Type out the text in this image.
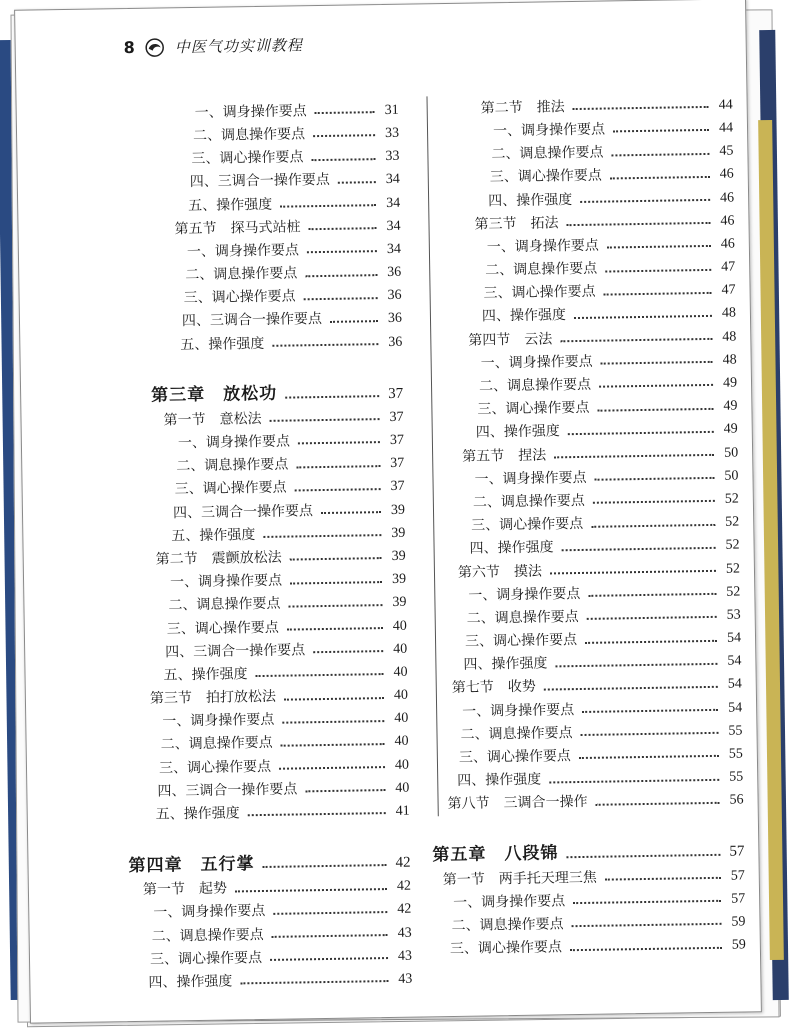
8	中医气功实训教程
一、调身操作要点	31
二、调息操作要点	33
三、调心操作要点	33
四、三调合一操作要点	34
五、操作强度	34
第五节　探马式站桩	34
一、调身操作要点	34
二、调息操作要点	36
三、调心操作要点	36
四、三调合一操作要点	36
五、操作强度	36
第三章　放松功	37
第一节　意松法	37
一、调身操作要点	37
二、调息操作要点	37
三、调心操作要点	37
四、三调合一操作要点	39
五、操作强度	39
第二节　震颤放松法	39
一、调身操作要点	39
二、调息操作要点	39
三、调心操作要点	40
四、三调合一操作要点	40
五、操作强度	40
第三节　拍打放松法	40
一、调身操作要点	40
二、调息操作要点	40
三、调心操作要点	40
四、三调合一操作要点	40
五、操作强度	41
第四章　五行掌	42
第一节　起势	42
一、调身操作要点	42
二、调息操作要点	43
三、调心操作要点	43
四、操作强度	43
第二节　推法	44
一、调身操作要点	44
二、调息操作要点	45
三、调心操作要点	46
四、操作强度	46
第三节　拓法	46
一、调身操作要点	46
二、调息操作要点	47
三、调心操作要点	47
四、操作强度	48
第四节　云法	48
一、调身操作要点	48
二、调息操作要点	49
三、调心操作要点	49
四、操作强度	49
第五节　捏法	50
一、调身操作要点	50
二、调息操作要点	52
三、调心操作要点	52
四、操作强度	52
第六节　摸法	52
一、调身操作要点	52
二、调息操作要点	53
三、调心操作要点	54
四、操作强度	54
第七节　收势	54
一、调身操作要点	54
二、调息操作要点	55
三、调心操作要点	55
四、操作强度	55
第八节　三调合一操作	56
第五章　八段锦	57
第一节　两手托天理三焦	57
一、调身操作要点	57
二、调息操作要点	59
三、调心操作要点	59
